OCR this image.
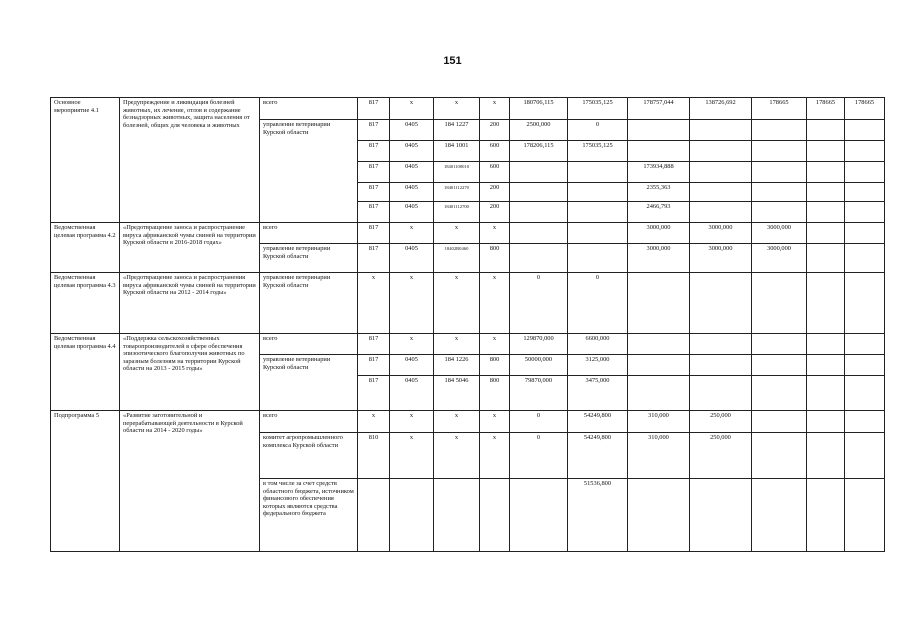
151
Основное мероприятие 4.1	Предупреждение и ликвидация болезней животных, их лечение, отлов и содержание безнадзорных животных, защита населения от болезней, общих для человека и животных	всего	817	x	x	x	180706,115	175035,125	178757,044	138726,692	178665	178665	178665
		управление ветеринарии Курской области	817	0405	184 1227	200	2500,000	0					
			817	0405	184 1001	600	178206,115	175035,125					
			817	0405	18401100010	600			173934,888				
			817	0405	18401112270	200			2355,363				
			817	0405	18401112700	200			2466,793				
Ведомственная целевая программа 4.2	«Предотвращение заноса и распространение вируса африканской чумы свиней на территории Курской области в 2016-2018 годах»	всего	817	x	x	x			3000,000	3000,000	3000,000		
		управление ветеринарии Курской области	817	0405	18402R0460	800			3000,000	3000,000	3000,000		
Ведомственная целевая программа 4.3	«Предотвращение заноса и распространения вируса африканской чумы свиней на территории Курской области на 2012 - 2014 годы»	управление ветеринарии Курской области	x	x	x	x	0	0					
Ведомственная целевая программа 4.4	«Поддержка сельскохозяйственных товаропроизводителей в сфере обеспечения эпизоотического благополучия животных по заразным болезням на территории Курской области на 2013 - 2015 годы»	всего	817	x	x	x	129870,000	6600,000					
		управление ветеринарии Курской области	817	0405	184 1226	800	50000,000	3125,000					
			817	0405	184 5046	800	79870,000	3475,000					
Подпрограмма 5	«Развитие заготовительной и перерабатывающей деятельности в Курской области на 2014 - 2020 годы»	всего	x	x	x	x	0	54249,800	310,000	250,000			
		комитет агропромышленного комплекса Курской области	810	x	x	x	0	54249,800	310,000	250,000			
		в том числе за счет средств областного бюджета, источником финансового обеспечения которых являются средства федерального бюджета						51536,800					
